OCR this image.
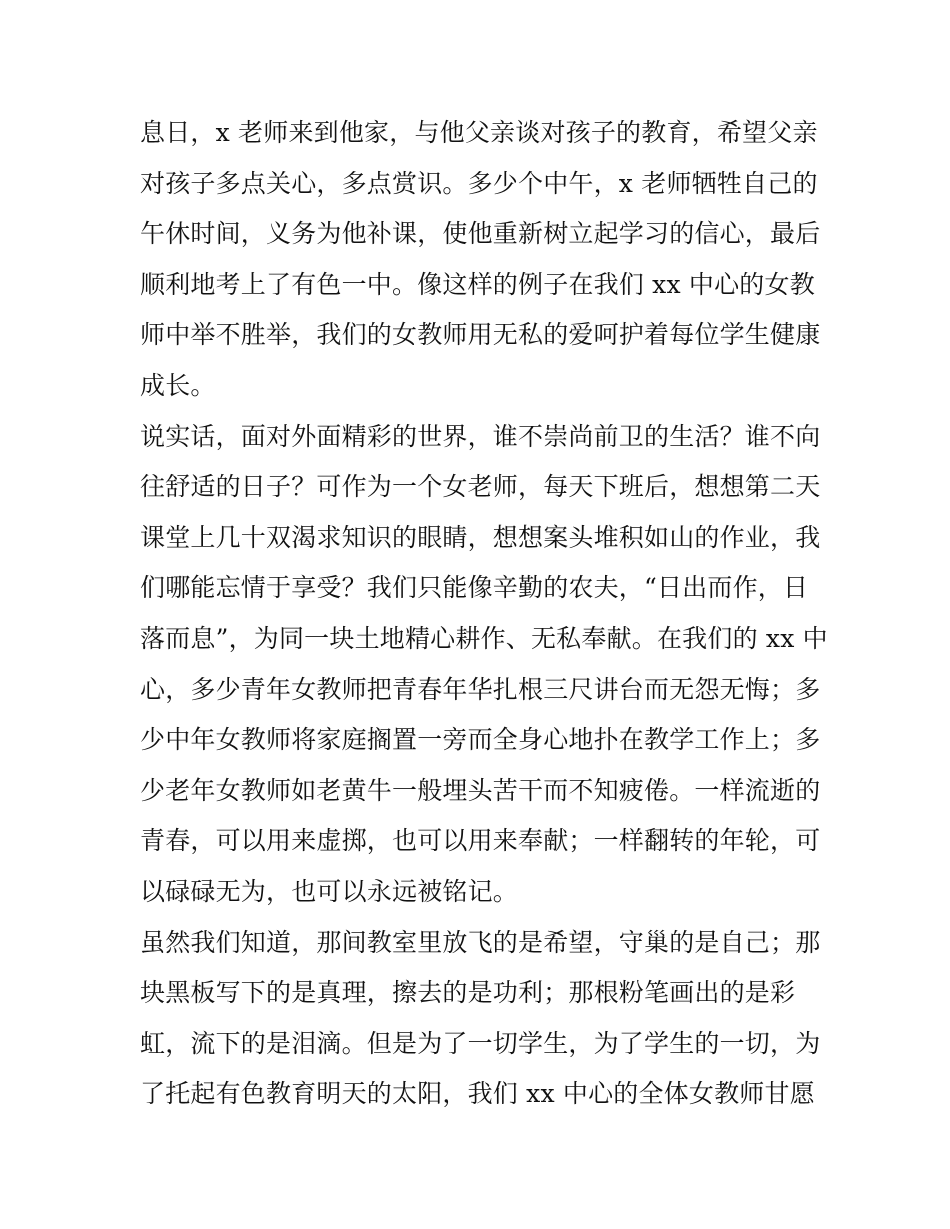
息日，x 老师来到他家，与他父亲谈对孩子的教育，希望父亲
对孩子多点关心，多点赏识。多少个中午，x 老师牺牲自己的
午休时间，义务为他补课，使他重新树立起学习的信心，最后
顺利地考上了有色一中。像这样的例子在我们 xx 中心的女教
师中举不胜举，我们的女教师用无私的爱呵护着每位学生健康
成长。
说实话，面对外面精彩的世界，谁不崇尚前卫的生活？谁不向
往舒适的日子？可作为一个女老师，每天下班后，想想第二天
课堂上几十双渴求知识的眼睛，想想案头堆积如山的作业，我
们哪能忘情于享受？我们只能像辛勤的农夫，“日出而作，日
落而息”，为同一块土地精心耕作、无私奉献。在我们的 xx 中
心，多少青年女教师把青春年华扎根三尺讲台而无怨无悔；多
少中年女教师将家庭搁置一旁而全身心地扑在教学工作上；多
少老年女教师如老黄牛一般埋头苦干而不知疲倦。一样流逝的
青春，可以用来虚掷，也可以用来奉献；一样翻转的年轮，可
以碌碌无为，也可以永远被铭记。
虽然我们知道，那间教室里放飞的是希望，守巢的是自己；那
块黑板写下的是真理，擦去的是功利；那根粉笔画出的是彩
虹，流下的是泪滴。但是为了一切学生，为了学生的一切，为
了托起有色教育明天的太阳，我们 xx 中心的全体女教师甘愿
